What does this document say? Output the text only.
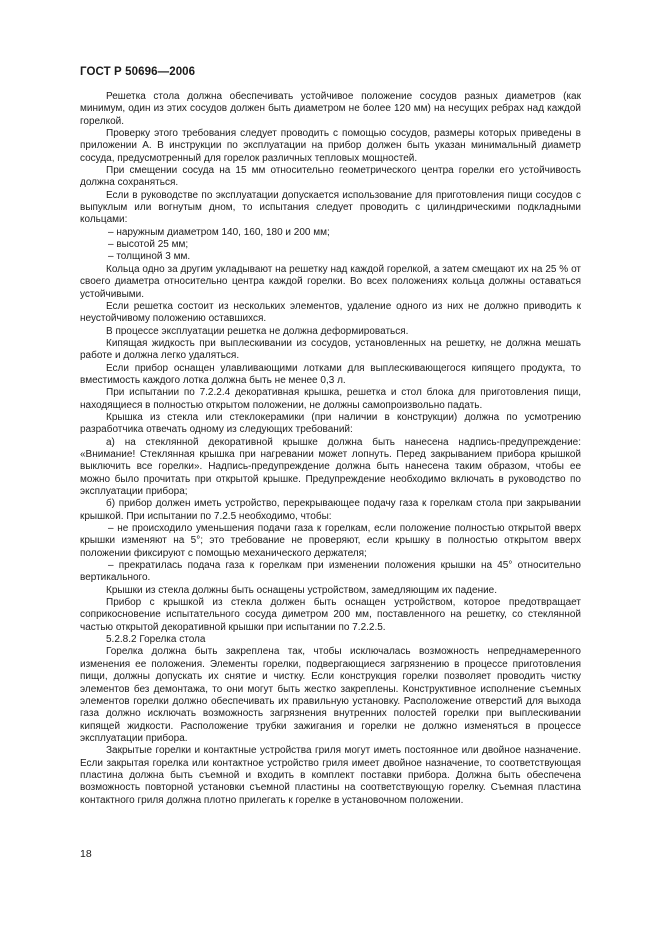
ГОСТ Р 50696—2006

Решетка стола должна обеспечивать устойчивое положение сосудов разных диаметров (как минимум, один из этих сосудов должен быть диаметром не более 120 мм) на несущих ребрах над каждой горелкой.

Проверку этого требования следует проводить с помощью сосудов, размеры которых приведены в приложении А. В инструкции по эксплуатации на прибор должен быть указан минимальный диаметр сосуда, предусмотренный для горелок различных тепловых мощностей.

При смещении сосуда на 15 мм относительно геометрического центра горелки его устойчивость должна сохраняться.

Если в руководстве по эксплуатации допускается использование для приготовления пищи сосудов с выпуклым или вогнутым дном, то испытания следует проводить с цилиндрическими подкладными кольцами:

– наружным диаметром 140, 160, 180 и 200 мм;

– высотой 25 мм;

– толщиной 3 мм.

Кольца одно за другим укладывают на решетку над каждой горелкой, а затем смещают их на 25 % от своего диаметра относительно центра каждой горелки. Во всех положениях кольца должны оставаться устойчивыми.

Если решетка состоит из нескольких элементов, удаление одного из них не должно приводить к неустойчивому положению оставшихся.

В процессе эксплуатации решетка не должна деформироваться.

Кипящая жидкость при выплескивании из сосудов, установленных на решетку, не должна мешать работе и должна легко удаляться.

Если прибор оснащен улавливающими лотками для выплескивающегося кипящего продукта, то вместимость каждого лотка должна быть не менее 0,3 л.

При испытании по 7.2.2.4 декоративная крышка, решетка и стол блока для приготовления пищи, находящиеся в полностью открытом положении, не должны самопроизвольно падать.

Крышка из стекла или стеклокерамики (при наличии в конструкции) должна по усмотрению разработчика отвечать одному из следующих требований:

а) на стеклянной декоративной крышке должна быть нанесена надпись-предупреждение: «Внимание! Стеклянная крышка при нагревании может лопнуть. Перед закрыванием прибора крышкой выключить все горелки». Надпись-предупреждение должна быть нанесена таким образом, чтобы ее можно было прочитать при открытой крышке. Предупреждение необходимо включать в руководство по эксплуатации прибора;

б) прибор должен иметь устройство, перекрывающее подачу газа к горелкам стола при закрывании крышкой. При испытании по 7.2.5 необходимо, чтобы:

– не происходило уменьшения подачи газа к горелкам, если положение полностью открытой вверх крышки изменяют на 5°; это требование не проверяют, если крышку в полностью открытом вверх положении фиксируют с помощью механического держателя;

– прекратилась подача газа к горелкам при изменении положения крышки на 45° относительно вертикального.

Крышки из стекла должны быть оснащены устройством, замедляющим их падение.

Прибор с крышкой из стекла должен быть оснащен устройством, которое предотвращает соприкосновение испытательного сосуда диметром 200 мм, поставленного на решетку, со стеклянной частью открытой декоративной крышки при испытании по 7.2.2.5.

5.2.8.2 Горелка стола

Горелка должна быть закреплена так, чтобы исключалась возможность непреднамеренного изменения ее положения. Элементы горелки, подвергающиеся загрязнению в процессе приготовления пищи, должны допускать их снятие и чистку. Если конструкция горелки позволяет проводить чистку элементов без демонтажа, то они могут быть жестко закреплены. Конструктивное исполнение съемных элементов горелки должно обеспечивать их правильную установку. Расположение отверстий для выхода газа должно исключать возможность загрязнения внутренних полостей горелки при выплескивании кипящей жидкости. Расположение трубки зажигания и горелки не должно изменяться в процессе эксплуатации прибора.

Закрытые горелки и контактные устройства гриля могут иметь постоянное или двойное назначение. Если закрытая горелка или контактное устройство гриля имеет двойное назначение, то соответствующая пластина должна быть съемной и входить в комплект поставки прибора. Должна быть обеспечена возможность повторной установки съемной пластины на соответствующую горелку. Съемная пластина контактного гриля должна плотно прилегать к горелке в установочном положении.

18
